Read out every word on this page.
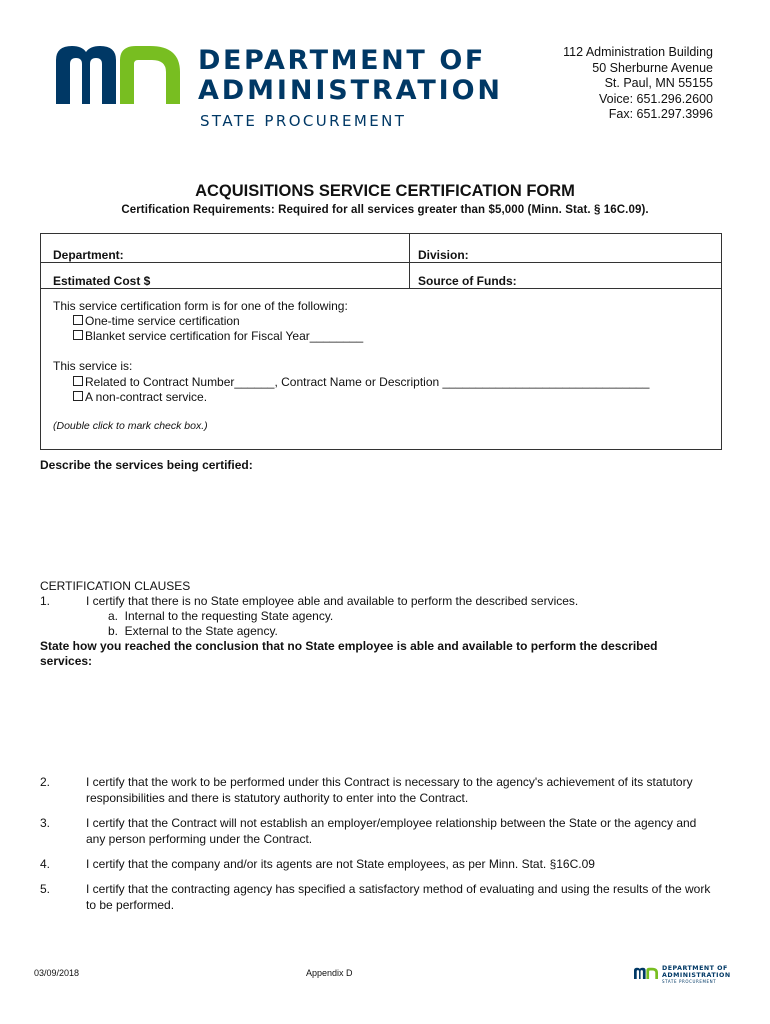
DEPARTMENT OF
ADMINISTRATION
STATE PROCUREMENT
112 Administration Building
50 Sherburne Avenue
St. Paul, MN 55155
Voice: 651.296.2600
Fax: 651.297.3996
ACQUISITIONS SERVICE CERTIFICATION FORM
Certification Requirements: Required for all services greater than $5,000 (Minn. Stat. § 16C.09).
Department:	Division:
Estimated Cost $	Source of Funds:
This service certification form is for one of the following:
One-time service certification
Blanket service certification for Fiscal Year________
This service is:
Related to Contract Number______, Contract Name or Description _______________________________
A non-contract service.
(Double click to mark check box.)
Describe the services being certified:
CERTIFICATION CLAUSES
1.	I certify that there is no State employee able and available to perform the described services.
a.  Internal to the requesting State agency.
b.  External to the State agency.
State how you reached the conclusion that no State employee is able and available to perform the described services:
2.	I certify that the work to be performed under this Contract is necessary to the agency's achievement of its statutory responsibilities and there is statutory authority to enter into the Contract.
3.	I certify that the Contract will not establish an employer/employee relationship between the State or the agency and any person performing under the Contract.
4.	I certify that the company and/or its agents are not State employees, as per Minn. Stat. §16C.09
5.	I certify that the contracting agency has specified a satisfactory method of evaluating and using the results of the work to be performed.
03/09/2018	Appendix D	DEPARTMENT OF
ADMINISTRATION
STATE PROCUREMENT
